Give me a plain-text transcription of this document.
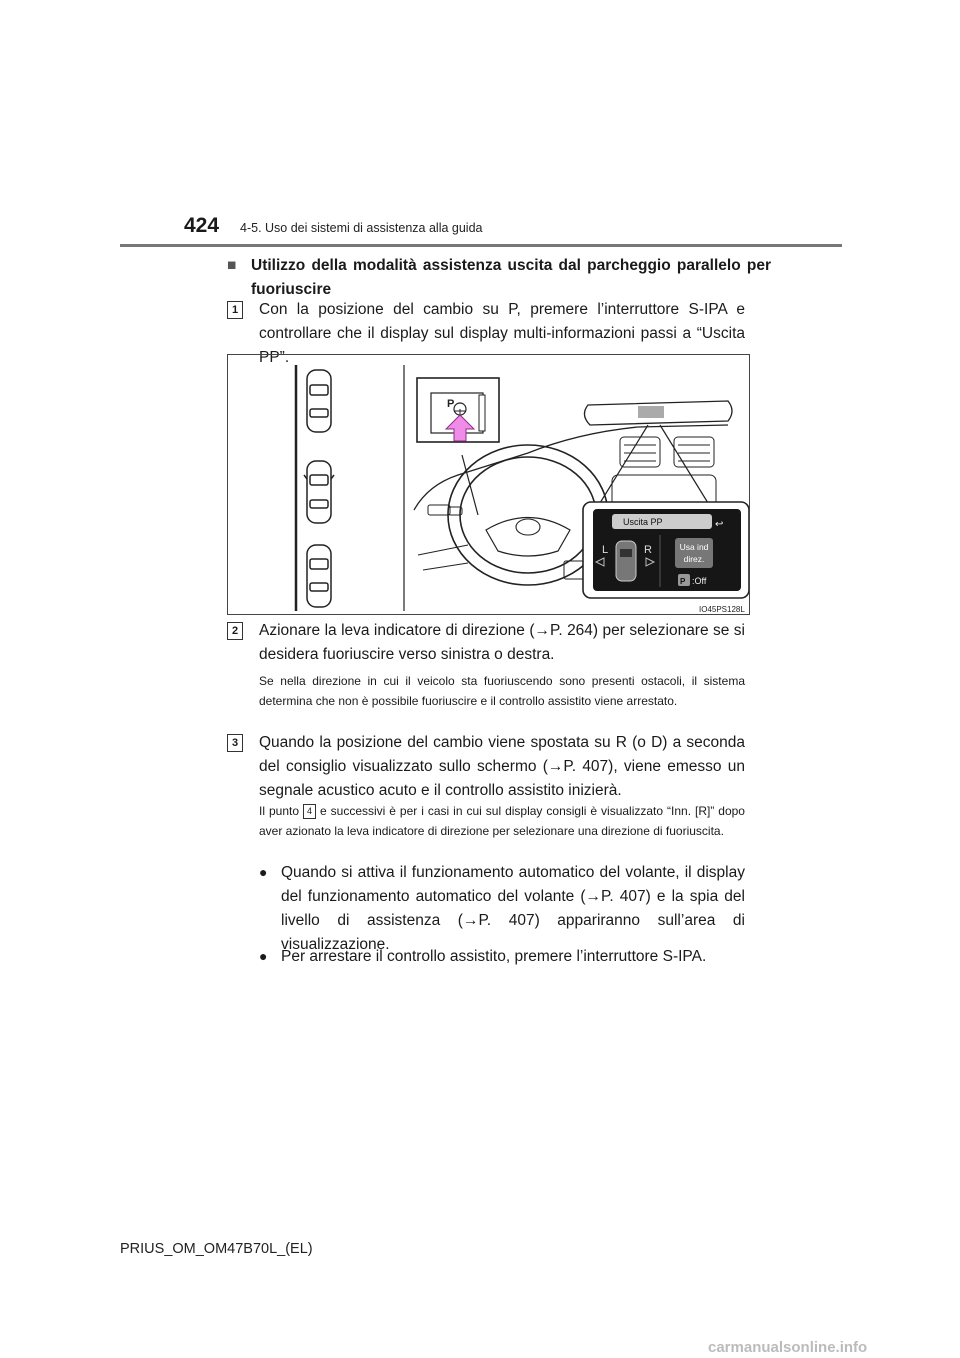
424 4-5. Uso dei sistemi di assistenza alla guida
■ Utilizzo della modalità assistenza uscita dal parcheggio parallelo per fuoriuscire
1	Con la posizione del cambio su P, premere l’interruttore S-IPA e controllare che il display sul display multi-informazioni passi a “Uscita PP”.
P
Uscita PP	↩
L	R	Usa ind
direz.
P :Off
IO45PS128L
2	Azionare la leva indicatore di direzione (→P. 264) per selezionare se si desidera fuoriuscire verso sinistra o destra.
Se nella direzione in cui il veicolo sta fuoriuscendo sono presenti ostacoli, il sistema determina che non è possibile fuoriuscire e il controllo assistito viene arrestato.
3	Quando la posizione del cambio viene spostata su R (o D) a seconda del consiglio visualizzato sullo schermo (→P. 407), viene emesso un segnale acustico acuto e il controllo assistito inizierà.
Il punto 4 e successivi è per i casi in cui sul display consigli è visualizzato “Inn. [R]” dopo aver azionato la leva indicatore di direzione per selezionare una direzione di fuoriuscita.
● Quando si attiva il funzionamento automatico del volante, il display del funzionamento automatico del volante (→P. 407) e la spia del livello di assistenza (→P. 407) appariranno sull’area di visualizzazione.
● Per arrestare il controllo assistito, premere l’interruttore S-IPA.
PRIUS_OM_OM47B70L_(EL)
carmanualsonline.info
